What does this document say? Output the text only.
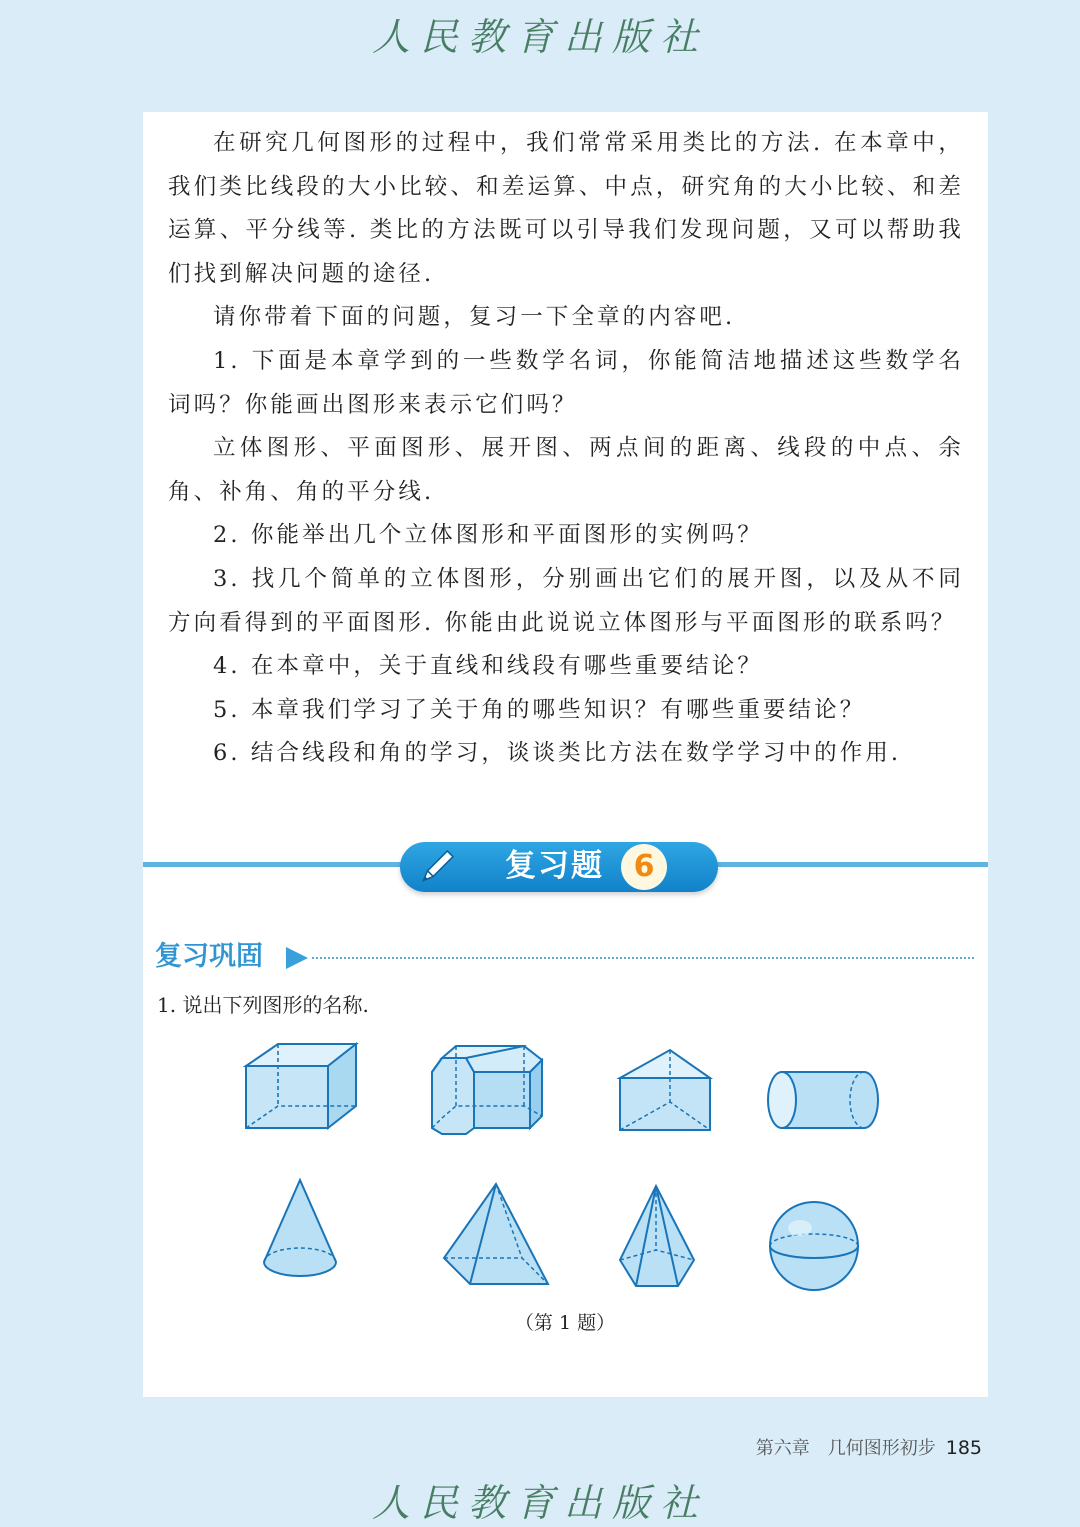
人民教育出版社

在研究几何图形的过程中，我们常常采用类比的方法. 在本章中，我们类比线段的大小比较、和差运算、中点，研究角的大小比较、和差运算、平分线等. 类比的方法既可以引导我们发现问题，又可以帮助我们找到解决问题的途径.

请你带着下面的问题，复习一下全章的内容吧.

1. 下面是本章学到的一些数学名词，你能简洁地描述这些数学名词吗？你能画出图形来表示它们吗？

立体图形、平面图形、展开图、两点间的距离、线段的中点、余角、补角、角的平分线.

2. 你能举出几个立体图形和平面图形的实例吗？

3. 找几个简单的立体图形，分别画出它们的展开图，以及从不同方向看得到的平面图形. 你能由此说说立体图形与平面图形的联系吗？

4. 在本章中，关于直线和线段有哪些重要结论？

5. 本章我们学习了关于角的哪些知识？有哪些重要结论？

6. 结合线段和角的学习，谈谈类比方法在数学学习中的作用.

复习题 6
复习巩固
1. 说出下列图形的名称.
（第 1 题）
第六章　几何图形初步 185
人民教育出版社
